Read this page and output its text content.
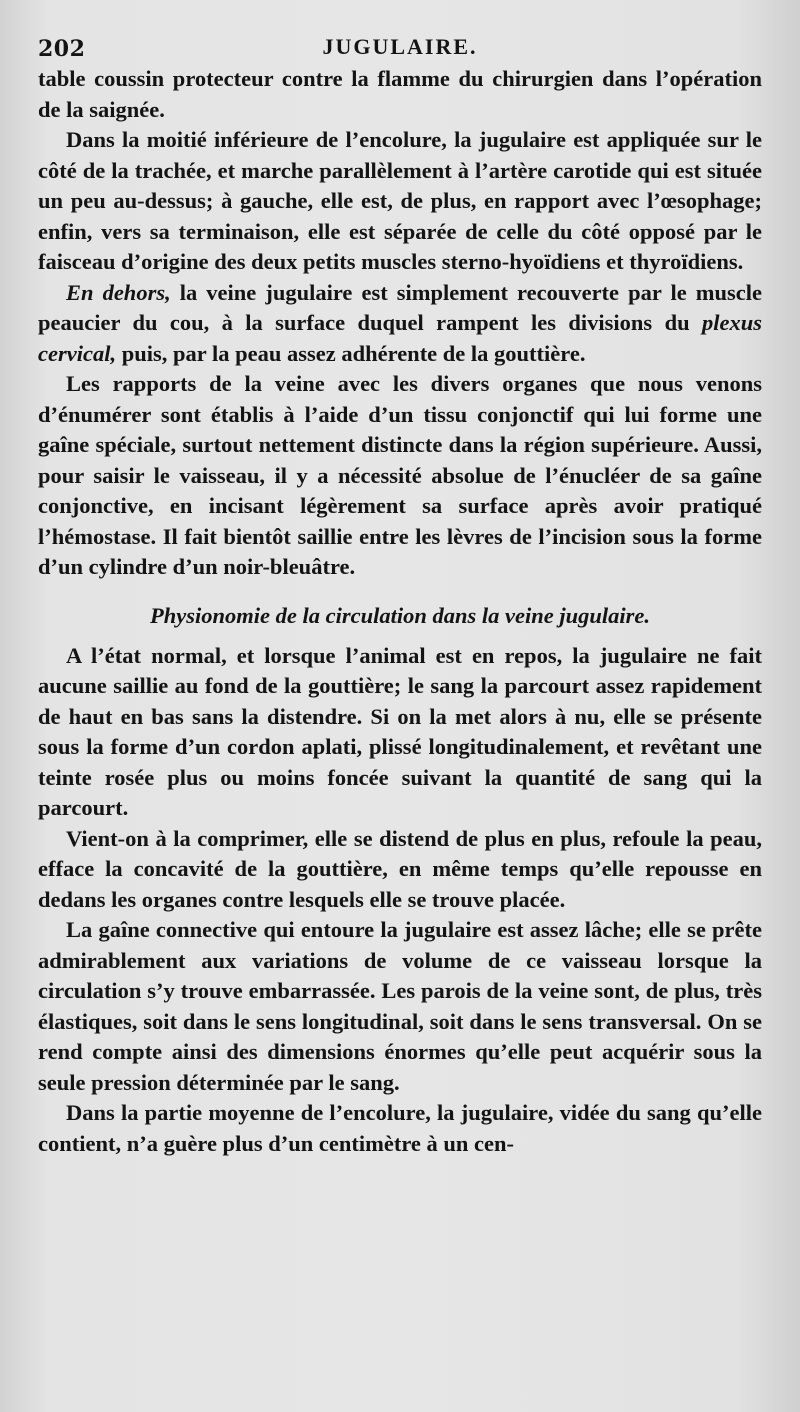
202	JUGULAIRE.

table coussin protecteur contre la flamme du chirurgien dans l’opération de la saignée.

Dans la moitié inférieure de l’encolure, la jugulaire est appliquée sur le côté de la trachée, et marche parallèlement à l’artère carotide qui est située un peu au-dessus; à gauche, elle est, de plus, en rapport avec l’œsophage; enfin, vers sa terminaison, elle est séparée de celle du côté opposé par le faisceau d’origine des deux petits muscles sterno-hyoïdiens et thyroïdiens.

En dehors, la veine jugulaire est simplement recouverte par le muscle peaucier du cou, à la surface duquel rampent les divisions du plexus cervical, puis, par la peau assez adhérente de la gouttière.

Les rapports de la veine avec les divers organes que nous venons d’énumérer sont établis à l’aide d’un tissu conjonctif qui lui forme une gaîne spéciale, surtout nettement distincte dans la région supérieure. Aussi, pour saisir le vaisseau, il y a nécessité absolue de l’énucléer de sa gaîne conjonctive, en incisant légèrement sa surface après avoir pratiqué l’hémostase. Il fait bientôt saillie entre les lèvres de l’incision sous la forme d’un cylindre d’un noir-bleuâtre.

Physionomie de la circulation dans la veine jugulaire.

A l’état normal, et lorsque l’animal est en repos, la jugulaire ne fait aucune saillie au fond de la gouttière; le sang la parcourt assez rapidement de haut en bas sans la distendre. Si on la met alors à nu, elle se présente sous la forme d’un cordon aplati, plissé longitudinalement, et revêtant une teinte rosée plus ou moins foncée suivant la quantité de sang qui la parcourt.

Vient-on à la comprimer, elle se distend de plus en plus, refoule la peau, efface la concavité de la gouttière, en même temps qu’elle repousse en dedans les organes contre lesquels elle se trouve placée.

La gaîne connective qui entoure la jugulaire est assez lâche; elle se prête admirablement aux variations de volume de ce vaisseau lorsque la circulation s’y trouve embarrassée. Les parois de la veine sont, de plus, très élastiques, soit dans le sens longitudinal, soit dans le sens transversal. On se rend compte ainsi des dimensions énormes qu’elle peut acquérir sous la seule pression déterminée par le sang.

Dans la partie moyenne de l’encolure, la jugulaire, vidée du sang qu’elle contient, n’a guère plus d’un centimètre à un cen-
